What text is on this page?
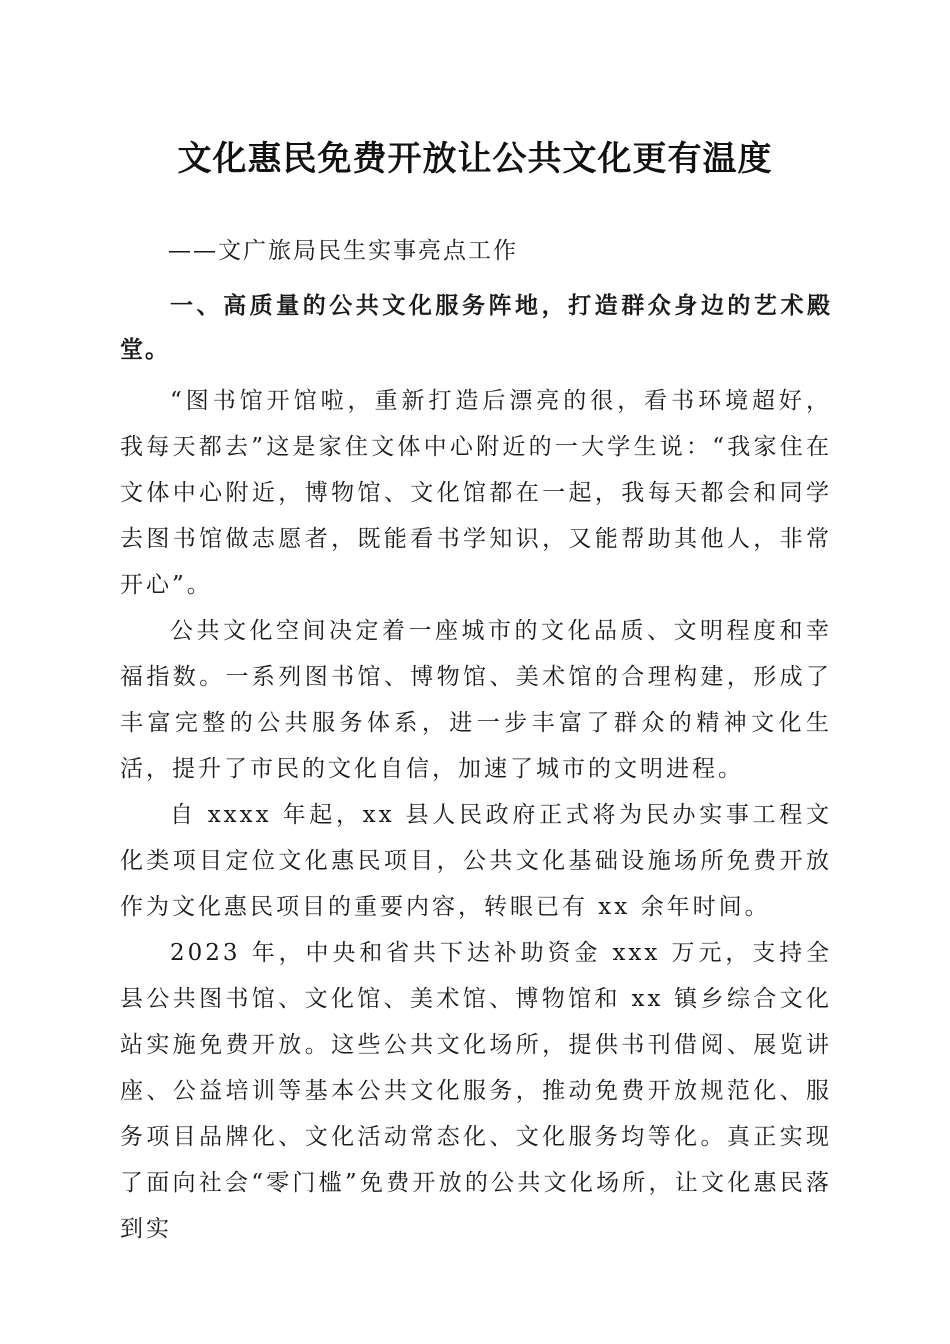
文化惠民免费开放让公共文化更有温度

——文广旅局民生实事亮点工作

一、高质量的公共文化服务阵地，打造群众身边的艺术殿堂。

“图书馆开馆啦，重新打造后漂亮的很，看书环境超好，我每天都去”这是家住文体中心附近的一大学生说：“我家住在文体中心附近，博物馆、文化馆都在一起，我每天都会和同学去图书馆做志愿者，既能看书学知识，又能帮助其他人，非常开心”。

公共文化空间决定着一座城市的文化品质、文明程度和幸福指数。一系列图书馆、博物馆、美术馆的合理构建，形成了丰富完整的公共服务体系，进一步丰富了群众的精神文化生活，提升了市民的文化自信，加速了城市的文明进程。

自 xxxx 年起，xx 县人民政府正式将为民办实事工程文化类项目定位文化惠民项目，公共文化基础设施场所免费开放作为文化惠民项目的重要内容，转眼已有 xx 余年时间。

2023 年，中央和省共下达补助资金 xxx 万元，支持全县公共图书馆、文化馆、美术馆、博物馆和 xx 镇乡综合文化站实施免费开放。这些公共文化场所，提供书刊借阅、展览讲座、公益培训等基本公共文化服务，推动免费开放规范化、服务项目品牌化、文化活动常态化、文化服务均等化。真正实现了面向社会“零门槛”免费开放的公共文化场所，让文化惠民落到实
